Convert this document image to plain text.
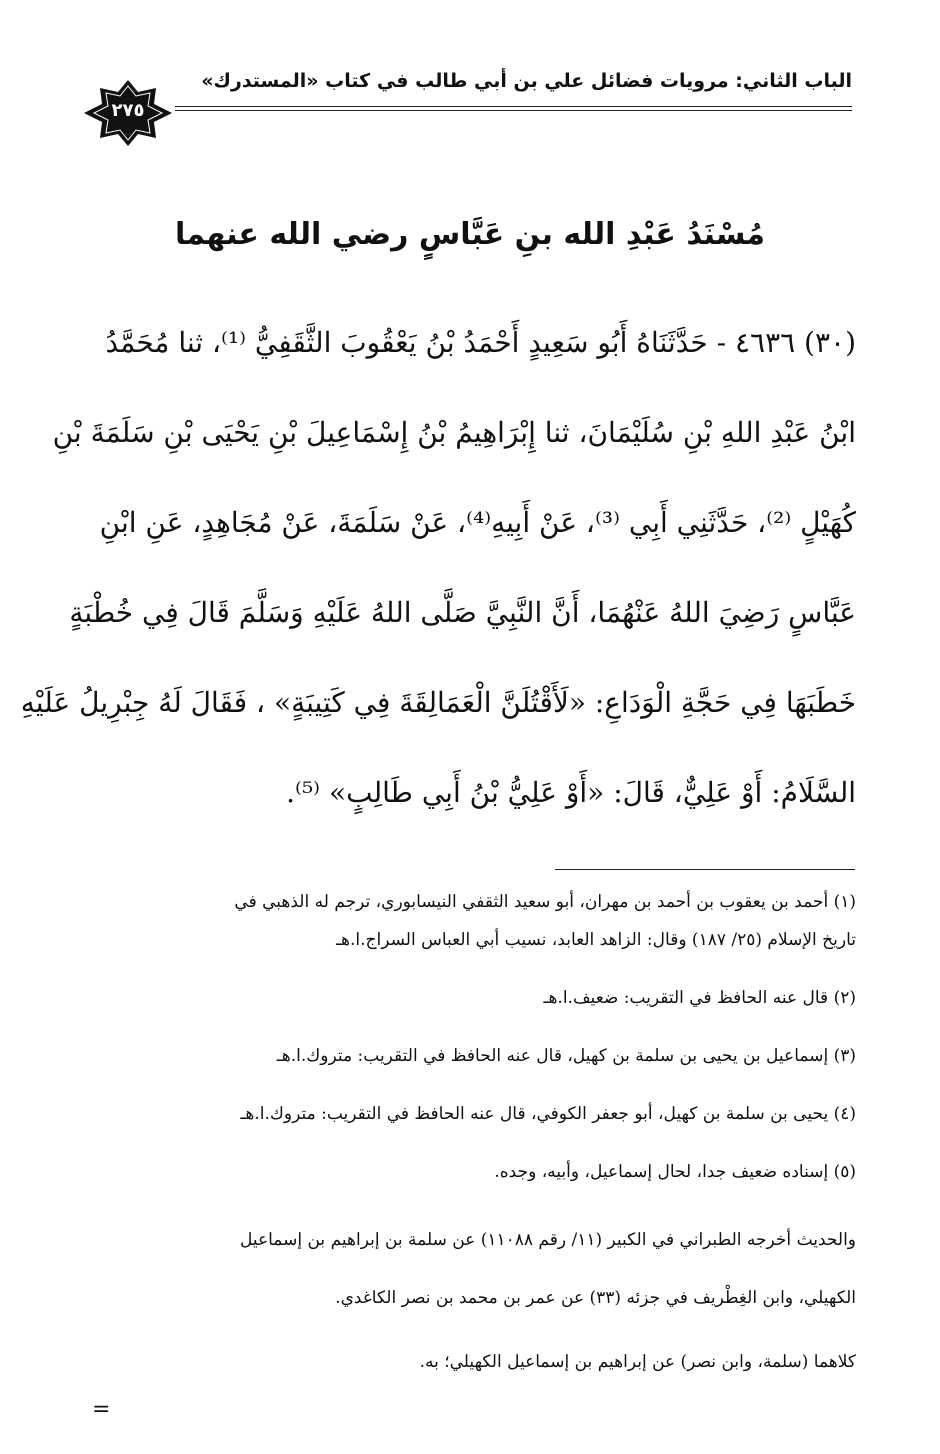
الباب الثاني: مرويات فضائل علي بن أبي طالب في كتاب «المستدرك»
٢٧٥
مُسْنَدُ عَبْدِ الله بنِ عَبَّاسٍ رضي الله عنهما
(٣٠) ٤٦٣٦ - حَدَّثَنَاهُ أَبُو سَعِيدٍ أَحْمَدُ بْنُ يَعْقُوبَ الثَّقَفِيُّ ⁽¹⁾، ثنا مُحَمَّدُ
ابْنُ عَبْدِ اللهِ بْنِ سُلَيْمَانَ، ثنا إِبْرَاهِيمُ بْنُ إِسْمَاعِيلَ بْنِ يَحْيَى بْنِ سَلَمَةَ بْنِ
كُهَيْلٍ ⁽²⁾، حَدَّثَنِي أَبِي ⁽³⁾، عَنْ أَبِيهِ⁽⁴⁾، عَنْ سَلَمَةَ، عَنْ مُجَاهِدٍ، عَنِ ابْنِ
عَبَّاسٍ رَضِيَ اللهُ عَنْهُمَا، أَنَّ النَّبِيَّ صَلَّى اللهُ عَلَيْهِ وَسَلَّمَ قَالَ فِي خُطْبَةٍ
خَطَبَهَا فِي حَجَّةِ الْوَدَاعِ: «لَأَقْتُلَنَّ الْعَمَالِقَةَ فِي كَتِيبَةٍ» ، فَقَالَ لَهُ جِبْرِيلُ عَلَيْهِ
السَّلَامُ: أَوْ عَلِيٌّ، قَالَ: «أَوْ عَلِيُّ بْنُ أَبِي طَالِبٍ» ⁽⁵⁾.
(١) أحمد بن يعقوب بن أحمد بن مهران، أبو سعيد الثقفي النيسابوري، ترجم له الذهبي في
تاريخ الإسلام (٢٥/ ١٨٧) وقال: الزاهد العابد، نسيب أبي العباس السراج.ا.هـ
(٢) قال عنه الحافظ في التقريب: ضعيف.ا.هـ
(٣) إسماعيل بن يحيى بن سلمة بن كهيل، قال عنه الحافظ في التقريب: متروك.ا.هـ
(٤) يحيى بن سلمة بن كهيل، أبو جعفر الكوفي، قال عنه الحافظ في التقريب: متروك.ا.هـ
(٥) إسناده ضعيف جدا، لحال إسماعيل، وأبيه، وجده.
والحديث أخرجه الطبراني في الكبير (١١/ رقم ١١٠٨٨) عن سلمة بن إبراهيم بن إسماعيل
الكهيلي، وابن الغِطْريف في جزئه (٣٣) عن عمر بن محمد بن نصر الكاغدي.
كلاهما (سلمة، وابن نصر) عن إبراهيم بن إسماعيل الكهيلي؛ به.
=
